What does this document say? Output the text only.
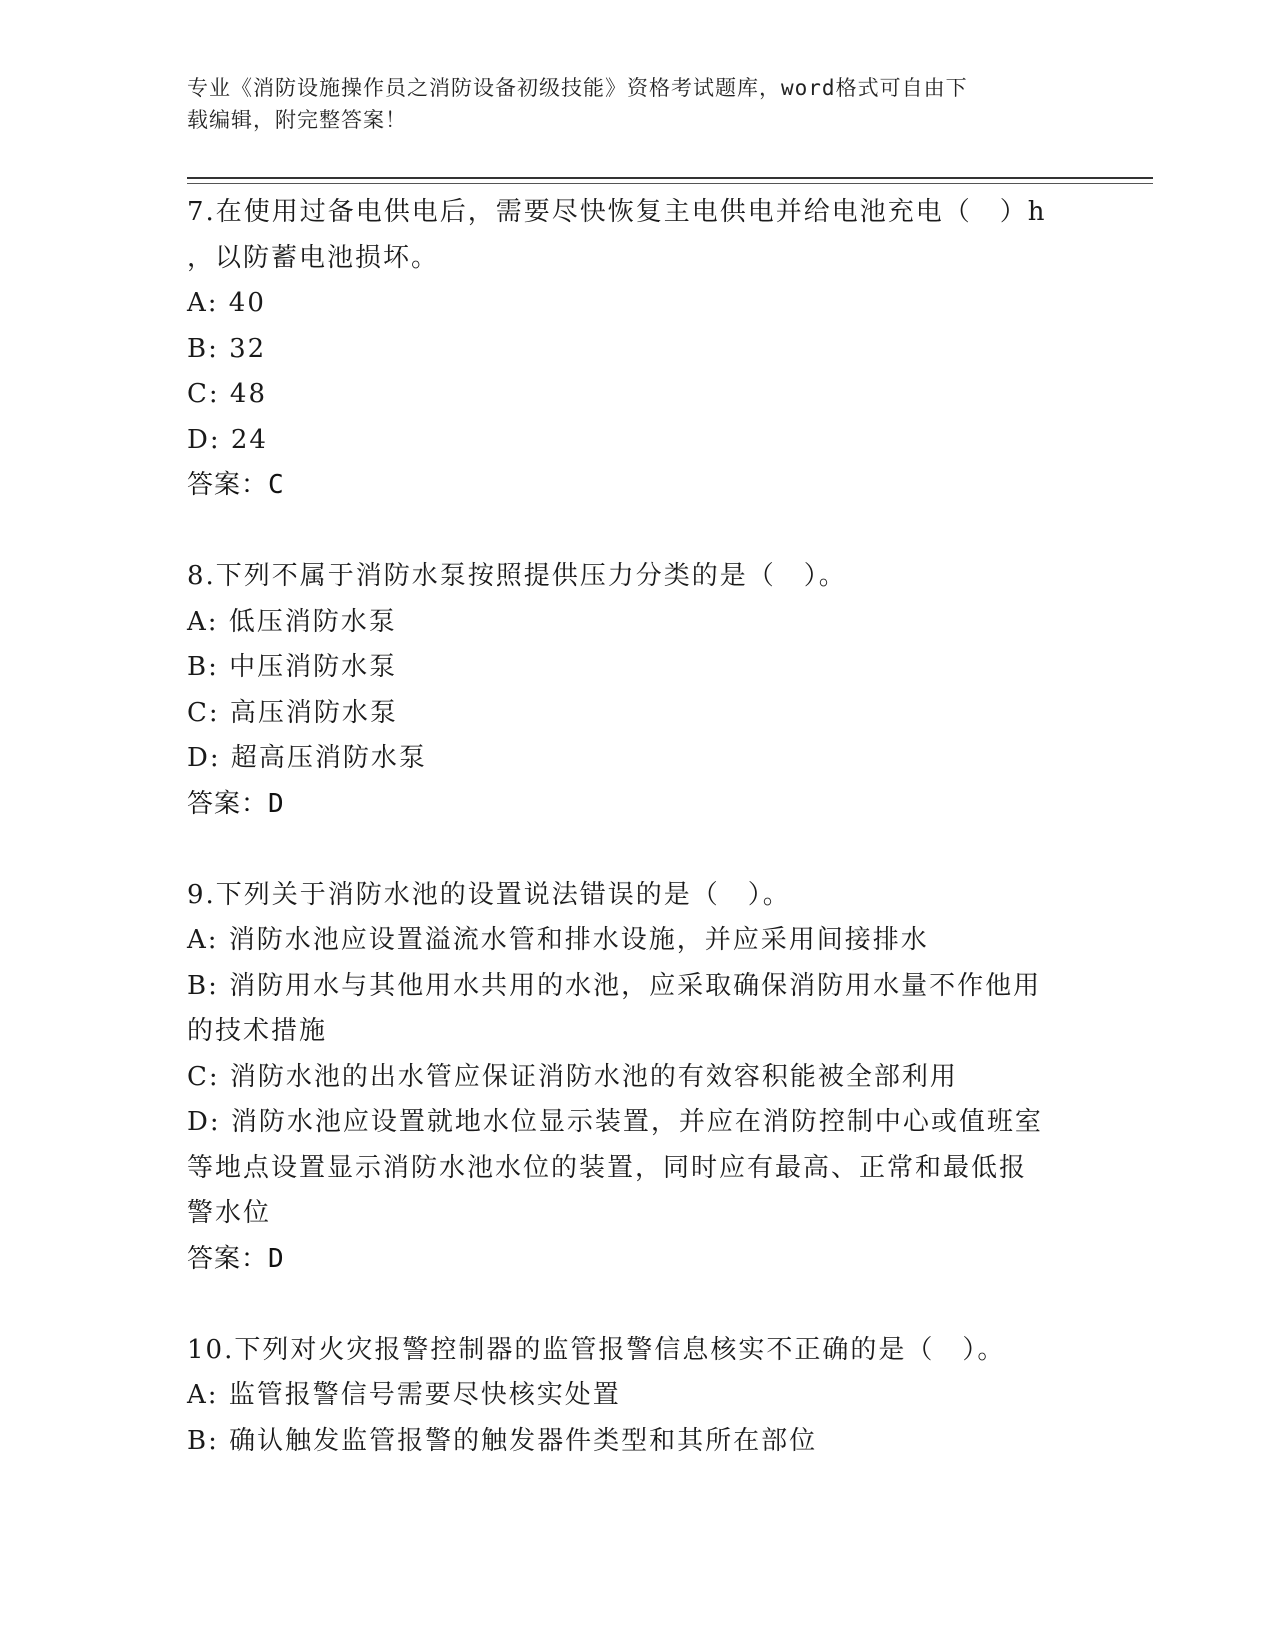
专业《消防设施操作员之消防设备初级技能》资格考试题库，word格式可自由下
载编辑，附完整答案！
7.在使用过备电供电后，需要尽快恢复主电供电并给电池充电（　）h
，以防蓄电池损坏。
A: 40
B: 32
C: 48
D: 24
答案：C
8.下列不属于消防水泵按照提供压力分类的是（　）。
A: 低压消防水泵
B: 中压消防水泵
C: 高压消防水泵
D: 超高压消防水泵
答案：D
9.下列关于消防水池的设置说法错误的是（　）。
A: 消防水池应设置溢流水管和排水设施，并应采用间接排水
B: 消防用水与其他用水共用的水池，应采取确保消防用水量不作他用
的技术措施
C: 消防水池的出水管应保证消防水池的有效容积能被全部利用
D: 消防水池应设置就地水位显示装置，并应在消防控制中心或值班室
等地点设置显示消防水池水位的装置，同时应有最高、正常和最低报
警水位
答案：D
10.下列对火灾报警控制器的监管报警信息核实不正确的是（　）。
A: 监管报警信号需要尽快核实处置
B: 确认触发监管报警的触发器件类型和其所在部位
